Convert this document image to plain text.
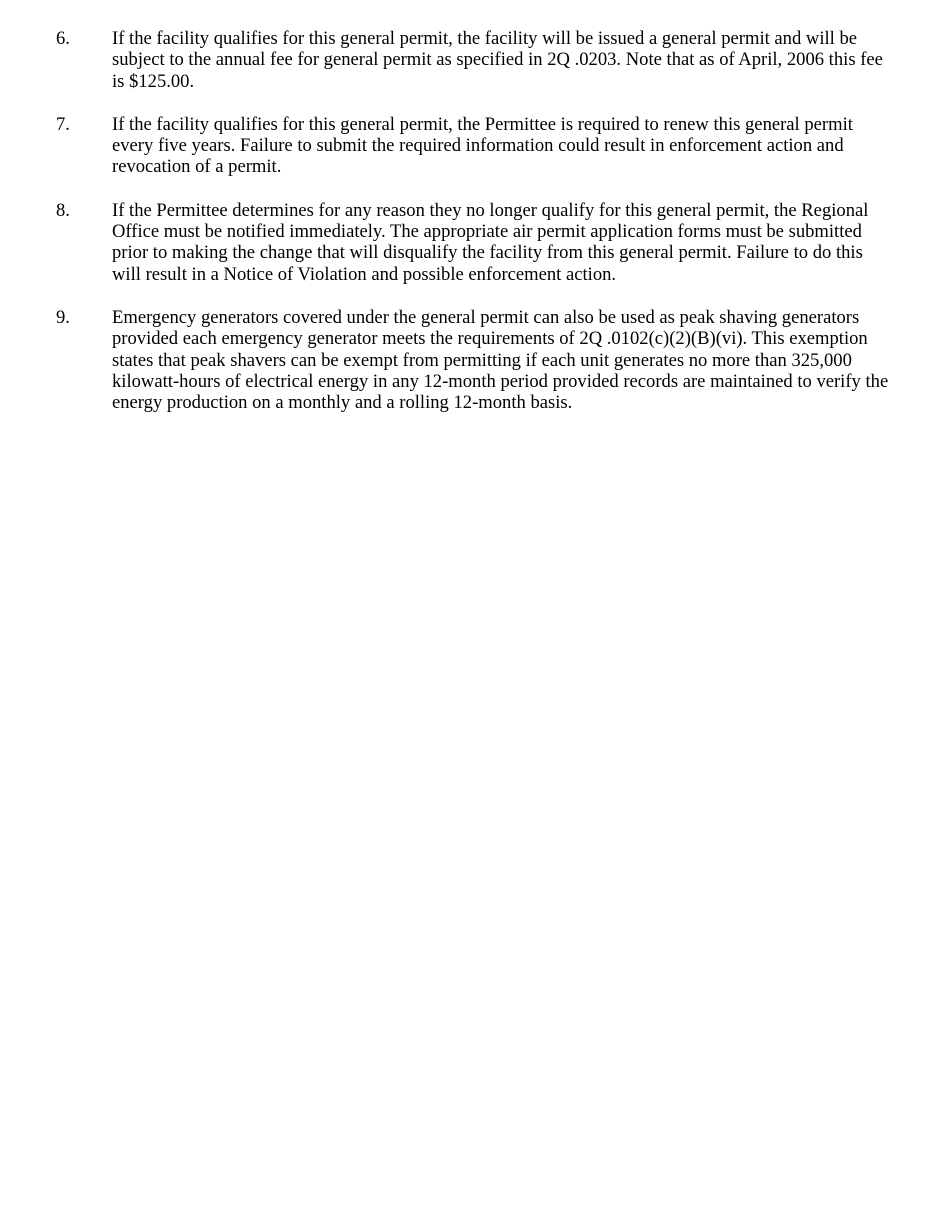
6.	If the facility qualifies for this general permit, the facility will be issued a general permit and will be subject to the annual fee for general permit as specified in 2Q .0203. Note that as of April, 2006 this fee is $125.00.
7.	If the facility qualifies for this general permit, the Permittee is required to renew this general permit every five years. Failure to submit the required information could result in enforcement action and revocation of a permit.
8.	If the Permittee determines for any reason they no longer qualify for this general permit, the Regional Office must be notified immediately. The appropriate air permit application forms must be submitted prior to making the change that will disqualify the facility from this general permit. Failure to do this will result in a Notice of Violation and possible enforcement action.
9.	Emergency generators covered under the general permit can also be used as peak shaving generators provided each emergency generator meets the requirements of 2Q .0102(c)(2)(B)(vi). This exemption states that peak shavers can be exempt from permitting if each unit generates no more than 325,000 kilowatt-hours of electrical energy in any 12-month period provided records are maintained to verify the energy production on a monthly and a rolling 12-month basis.
